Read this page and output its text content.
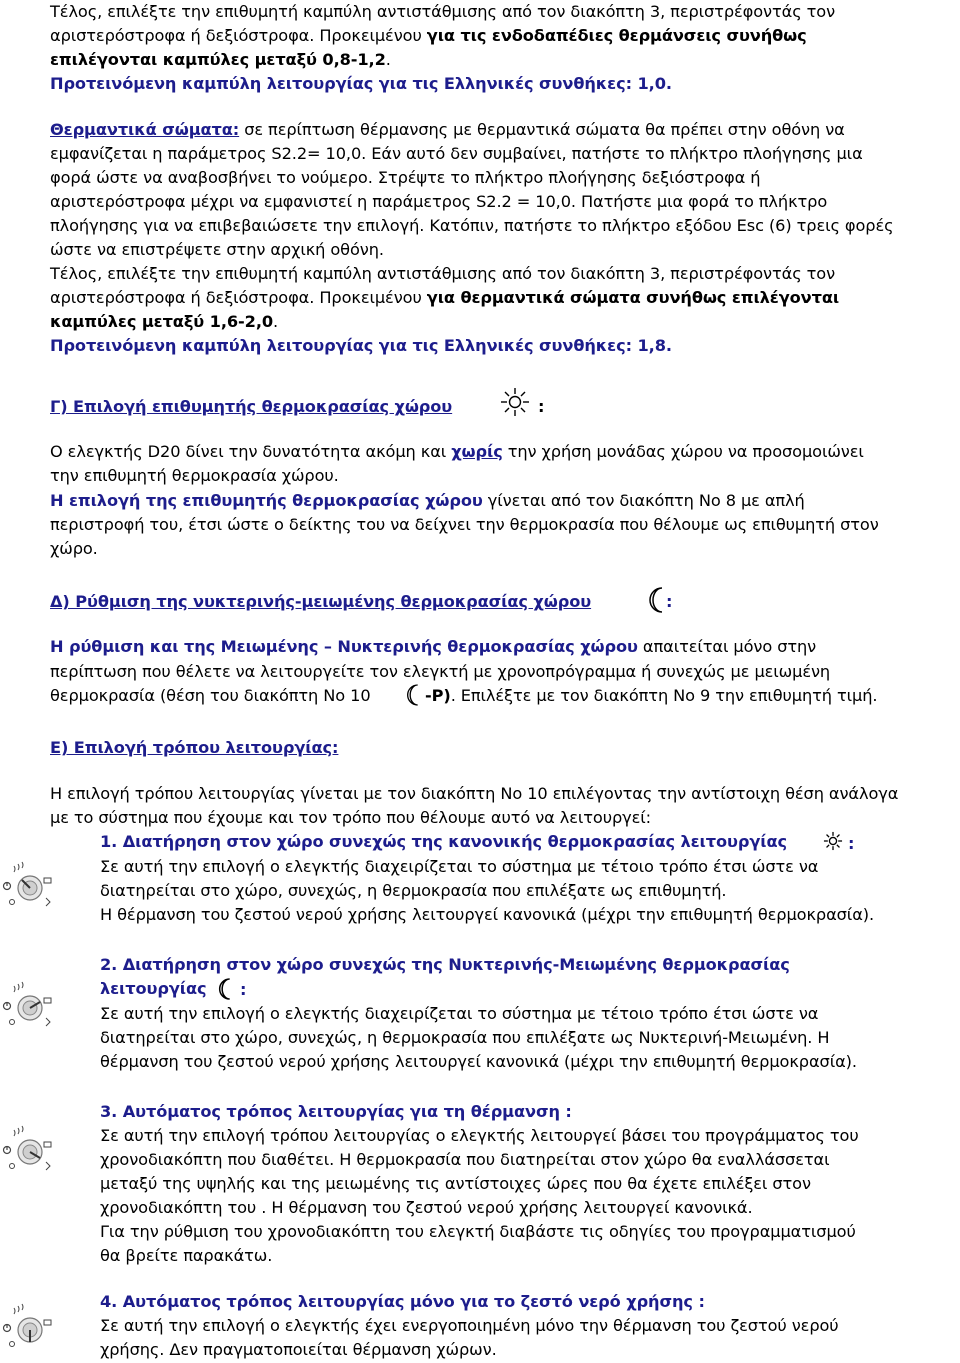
Τέλος, επιλέξτε την επιθυμητή καμπύλη αντιστάθμισης από τον διακόπτη 3, περιστρέφοντάς τον
αριστερόστροφα ή δεξιόστροφα. Προκειμένου για τις ενδοδαπέδιες θερμάνσεις συνήθως
επιλέγονται καμπύλες μεταξύ 0,8-1,2.
Προτεινόμενη καμπύλη λειτουργίας για τις Ελληνικές συνθήκες: 1,0.
Θερμαντικά σώματα: σε περίπτωση θέρμανσης με θερμαντικά σώματα θα πρέπει στην οθόνη να
εμφανίζεται η παράμετρος S2.2= 10,0. Εάν αυτό δεν συμβαίνει, πατήστε το πλήκτρο πλοήγησης μια
φορά ώστε να αναβοσβήνει το νούμερο. Στρέψτε το πλήκτρο πλοήγησης δεξιόστροφα ή
αριστερόστροφα μέχρι να εμφανιστεί η παράμετρος S2.2 = 10,0. Πατήστε μια φορά το πλήκτρο
πλοήγησης για να επιβεβαιώσετε την επιλογή. Κατόπιν, πατήστε το πλήκτρο εξόδου Esc (6) τρεις φορές
ώστε να επιστρέψετε στην αρχική οθόνη.
Τέλος, επιλέξτε την επιθυμητή καμπύλη αντιστάθμισης από τον διακόπτη 3, περιστρέφοντάς τον
αριστερόστροφα ή δεξιόστροφα. Προκειμένου για θερμαντικά σώματα συνήθως επιλέγονται
καμπύλες μεταξύ 1,6-2,0.
Προτεινόμενη καμπύλη λειτουργίας για τις Ελληνικές συνθήκες: 1,8.
Γ) Επιλογή επιθυμητής θερμοκρασίας χώρου	:
Ο ελεγκτής D20 δίνει την δυνατότητα ακόμη και χωρίς την χρήση μονάδας χώρου να προσομοιώνει
την επιθυμητή θερμοκρασία χώρου.
Η επιλογή της επιθυμητής θερμοκρασίας χώρου γίνεται από τον διακόπτη Νο 8 με απλή
περιστροφή του, έτσι ώστε ο δείκτης του να δείχνει την θερμοκρασία που θέλουμε ως επιθυμητή στον
χώρο.
Δ) Ρύθμιση της νυκτερινής-μειωμένης θερμοκρασίας χώρου	:
Η ρύθμιση και της Μειωμένης – Νυκτερινής θερμοκρασίας χώρου απαιτείται μόνο στην
περίπτωση που θέλετε να λειτουργείτε τον ελεγκτή με χρονοπρόγραμμα ή συνεχώς με μειωμένη
θερμοκρασία (θέση του διακόπτη Νο 10	-Ρ). Επιλέξτε με τον διακόπτη Νο 9 την επιθυμητή τιμή.
Ε) Επιλογή τρόπου λειτουργίας:
Η επιλογή τρόπου λειτουργίας γίνεται με τον διακόπτη Νο 10 επιλέγοντας την αντίστοιχη θέση ανάλογα
με το σύστημα που έχουμε και τον τρόπο που θέλουμε αυτό να λειτουργεί:
1. Διατήρηση στον χώρο συνεχώς της κανονικής θερμοκρασίας λειτουργίας	:
Σε αυτή την επιλογή ο ελεγκτής διαχειρίζεται το σύστημα με τέτοιο τρόπο έτσι ώστε να
διατηρείται στο χώρο, συνεχώς, η θερμοκρασία που επιλέξατε ως επιθυμητή.
Η θέρμανση του ζεστού νερού χρήσης λειτουργεί κανονικά (μέχρι την επιθυμητή θερμοκρασία).
2. Διατήρηση στον χώρο συνεχώς της Νυκτερινής-Μειωμένης θερμοκρασίας
λειτουργίας :
Σε αυτή την επιλογή ο ελεγκτής διαχειρίζεται το σύστημα με τέτοιο τρόπο έτσι ώστε να
διατηρείται στο χώρο, συνεχώς, η θερμοκρασία που επιλέξατε ως Νυκτερινή-Μειωμένη. Η
θέρμανση του ζεστού νερού χρήσης λειτουργεί κανονικά (μέχρι την επιθυμητή θερμοκρασία).
3. Αυτόματος τρόπος λειτουργίας για τη θέρμανση :
Σε αυτή την επιλογή τρόπου λειτουργίας ο ελεγκτής λειτουργεί βάσει του προγράμματος του
χρονοδιακόπτη που διαθέτει. Η θερμοκρασία που διατηρείται στον χώρο θα εναλλάσσεται
μεταξύ της υψηλής και της μειωμένης τις αντίστοιχες ώρες που θα έχετε επιλέξει στον
χρονοδιακόπτη του . Η θέρμανση του ζεστού νερού χρήσης λειτουργεί κανονικά.
Για την ρύθμιση του χρονοδιακόπτη του ελεγκτή διαβάστε τις οδηγίες του προγραμματισμού
θα βρείτε παρακάτω.
4. Αυτόματος τρόπος λειτουργίας μόνο για το ζεστό νερό χρήσης :
Σε αυτή την επιλογή ο ελεγκτής έχει ενεργοποιημένη μόνο την θέρμανση του ζεστού νερού
χρήσης. Δεν πραγματοποιείται θέρμανση χώρων.
